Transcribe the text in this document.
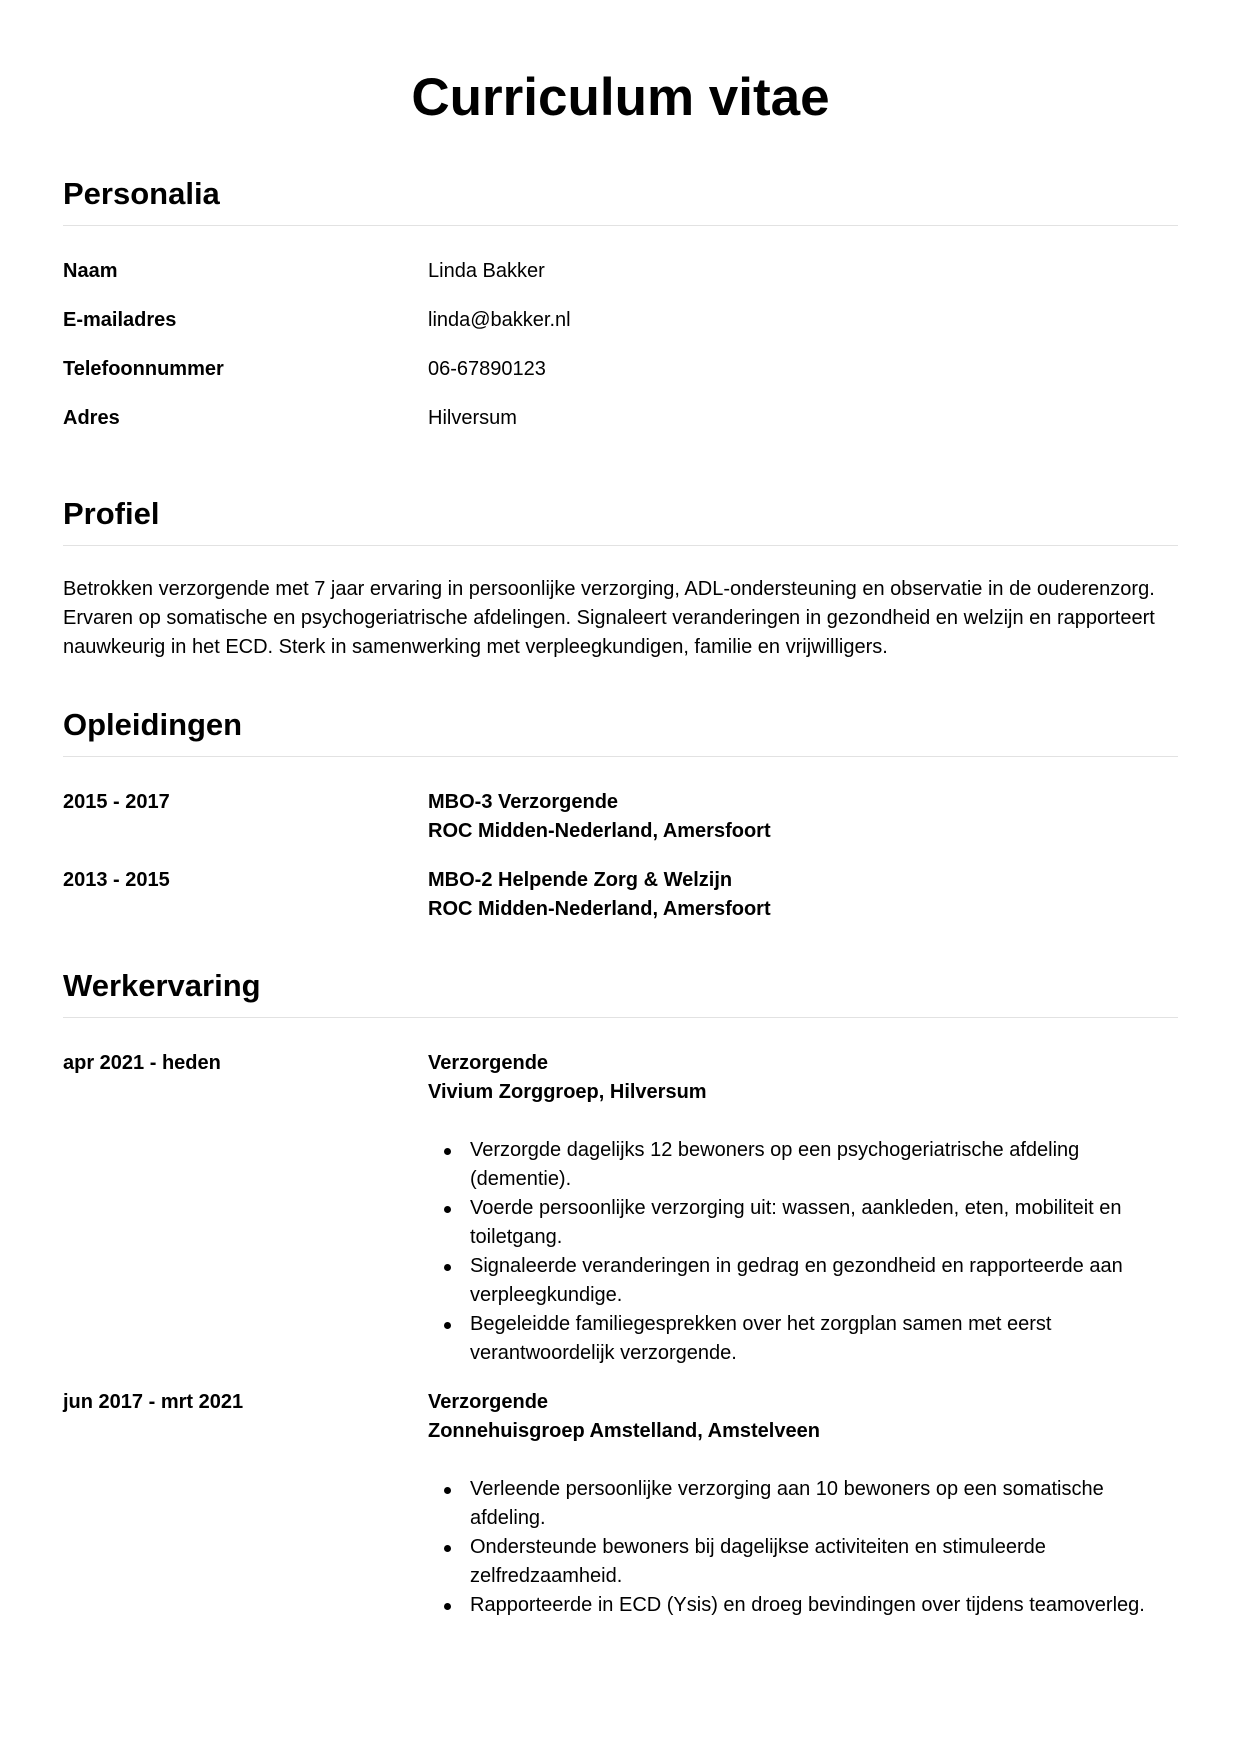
Curriculum vitae
Personalia
Naam	Linda Bakker
E-mailadres	linda@bakker.nl
Telefoonnummer	06-67890123
Adres	Hilversum
Profiel
Betrokken verzorgende met 7 jaar ervaring in persoonlijke verzorging, ADL-ondersteuning en observatie in de ouderenzorg. Ervaren op somatische en psychogeriatrische afdelingen. Signaleert veranderingen in gezondheid en welzijn en rapporteert nauwkeurig in het ECD. Sterk in samenwerking met verpleegkundigen, familie en vrijwilligers.
Opleidingen
2015 - 2017	MBO-3 Verzorgende
ROC Midden-Nederland, Amersfoort
2013 - 2015	MBO-2 Helpende Zorg & Welzijn
ROC Midden-Nederland, Amersfoort
Werkervaring
apr 2021 - heden	Verzorgende
Vivium Zorggroep, Hilversum
Verzorgde dagelijks 12 bewoners op een psychogeriatrische afdeling (dementie).
Voerde persoonlijke verzorging uit: wassen, aankleden, eten, mobiliteit en toiletgang.
Signaleerde veranderingen in gedrag en gezondheid en rapporteerde aan verpleegkundige.
Begeleidde familiegesprekken over het zorgplan samen met eerst verantwoordelijk verzorgende.
jun 2017 - mrt 2021	Verzorgende
Zonnehuisgroep Amstelland, Amstelveen
Verleende persoonlijke verzorging aan 10 bewoners op een somatische afdeling.
Ondersteunde bewoners bij dagelijkse activiteiten en stimuleerde zelfredzaamheid.
Rapporteerde in ECD (Ysis) en droeg bevindingen over tijdens teamoverleg.
